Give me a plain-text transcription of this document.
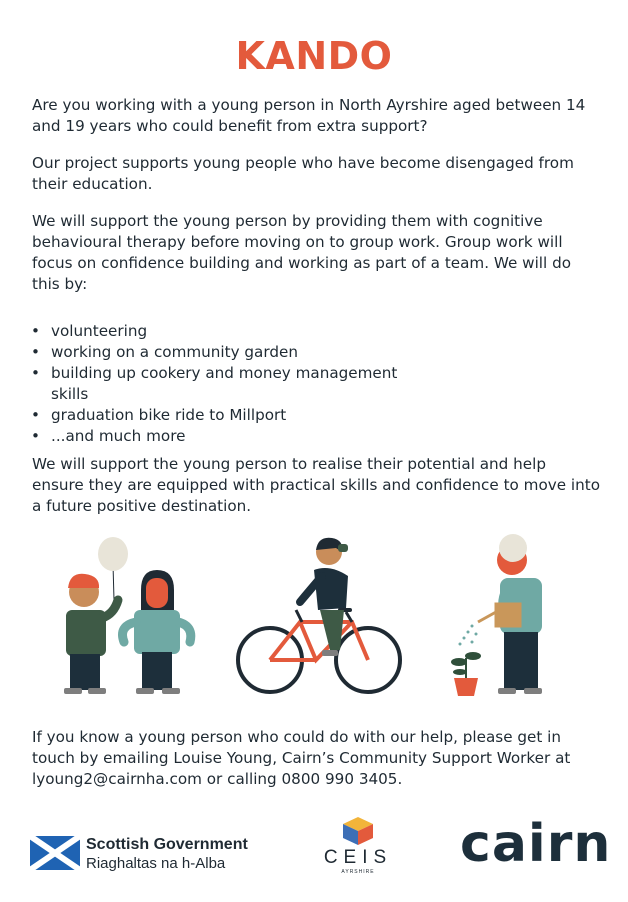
KANDO

Are you working with a young person in North Ayrshire aged between 14 and 19 years who could benefit from extra support?

Our project supports young people who have become disengaged from their education.

We will support the young person by providing them with cognitive behavioural therapy before moving on to group work. Group work will focus on confidence building and working as part of a team. We will do this by:

• volunteering
• working on a community garden
• building up cookery and money management skills
• graduation bike ride to Millport
• ...and much more

We will support the young person to realise their potential and help ensure they are equipped with practical skills and confidence to move into a future positive destination.

If you know a young person who could do with our help, please get in touch by emailing Louise Young, Cairn’s Community Support Worker at lyoung2@cairnha.com or calling 0800 990 3405.

Scottish Government
Riaghaltas na h-Alba	CEIS
AYRSHIRE	cairn
